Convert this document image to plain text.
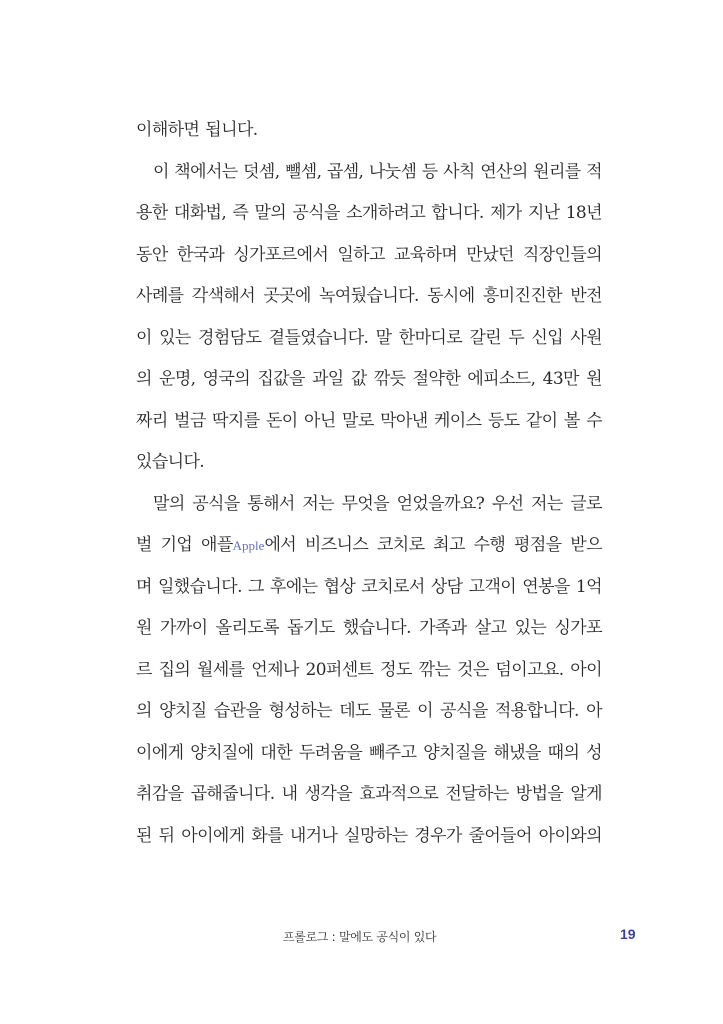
이해하면 됩니다.
이 책에서는 덧셈, 뺄셈, 곱셈, 나눗셈 등 사칙 연산의 원리를 적
용한 대화법, 즉 말의 공식을 소개하려고 합니다. 제가 지난 18년
동안 한국과 싱가포르에서 일하고 교육하며 만났던 직장인들의
사례를 각색해서 곳곳에 녹여뒀습니다. 동시에 흥미진진한 반전
이 있는 경험담도 곁들였습니다. 말 한마디로 갈린 두 신입 사원
의 운명, 영국의 집값을 과일 값 깎듯 절약한 에피소드, 43만 원
짜리 벌금 딱지를 돈이 아닌 말로 막아낸 케이스 등도 같이 볼 수
있습니다.
말의 공식을 통해서 저는 무엇을 얻었을까요? 우선 저는 글로
벌 기업 애플Apple에서 비즈니스 코치로 최고 수행 평점을 받으
며 일했습니다. 그 후에는 협상 코치로서 상담 고객이 연봉을 1억
원 가까이 올리도록 돕기도 했습니다. 가족과 살고 있는 싱가포
르 집의 월세를 언제나 20퍼센트 정도 깎는 것은 덤이고요. 아이
의 양치질 습관을 형성하는 데도 물론 이 공식을 적용합니다. 아
이에게 양치질에 대한 두려움을 빼주고 양치질을 해냈을 때의 성
취감을 곱해줍니다. 내 생각을 효과적으로 전달하는 방법을 알게
된 뒤 아이에게 화를 내거나 실망하는 경우가 줄어들어 아이와의
프롤로그 : 말에도 공식이 있다	19
